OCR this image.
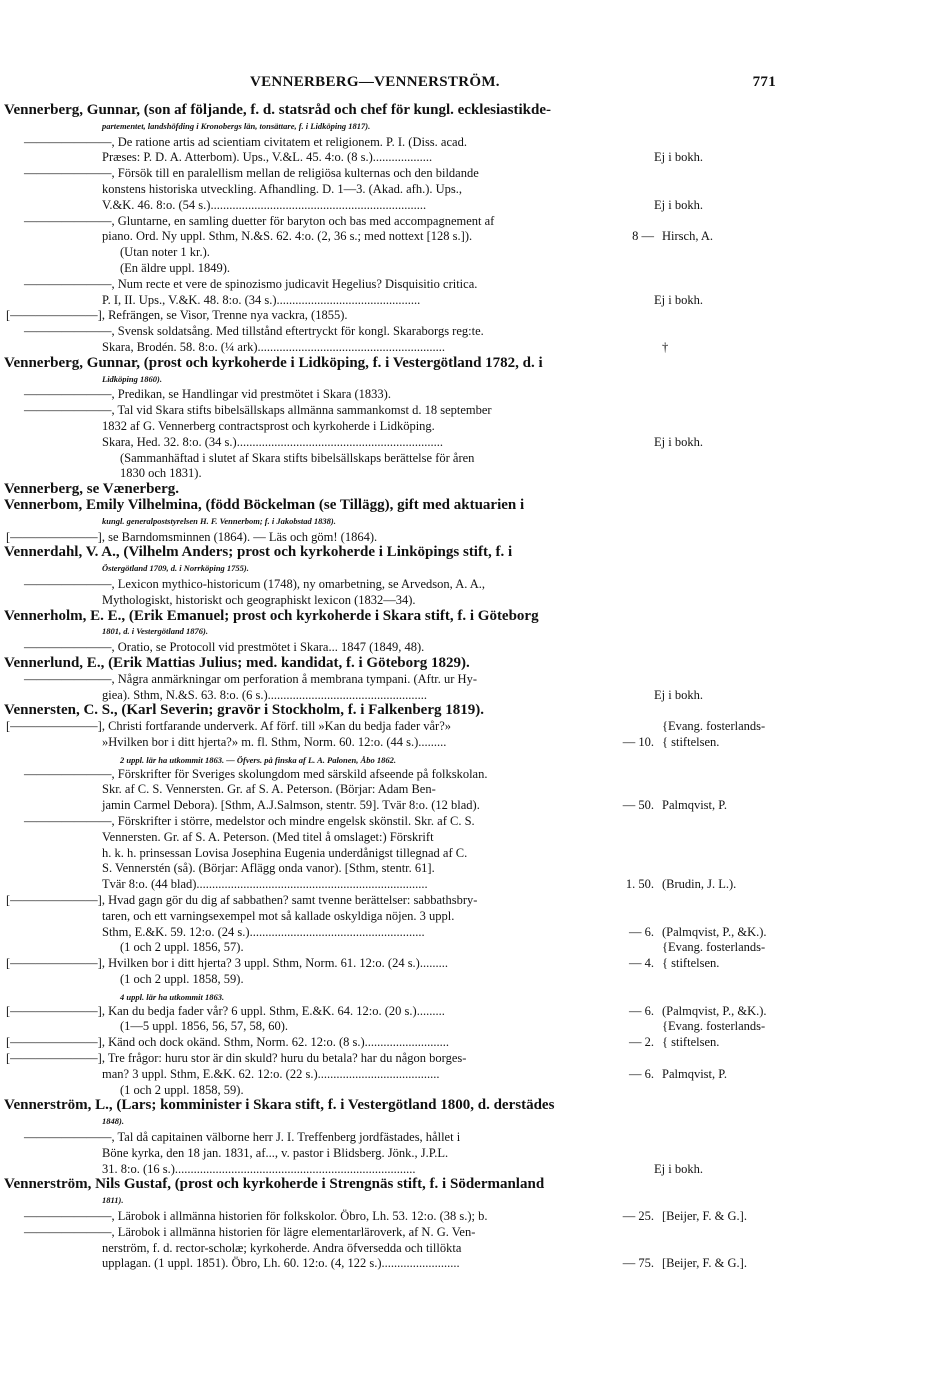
VENNERBERG—VENNERSTRÖM.	771
Vennerberg, Gunnar, (son af följande, f. d. statsråd och chef för kungl. ecklesiastikde-
partementet, landshöfding i Kronobergs län, tonsättare, f. i Lidköping 1817).
———————, De ratione artis ad scientiam civitatem et religionem. P. I. (Diss. acad.
Præses: P. D. A. Atterbom). Ups., V.&L. 45. 4:o. (8 s.)...................	Ej i bokh.
———————, Försök till en paralellism mellan de religiösa kulternas och den bildande
konstens historiska utveckling. Afhandling. D. 1—3. (Akad. afh.). Ups.,
V.&K. 46. 8:o. (54 s.).....................................................................	Ej i bokh.
———————, Gluntarne, en samling duetter för baryton och bas med accompagnement af
piano. Ord. Ny uppl. Sthm, N.&S. 62. 4:o. (2, 36 s.; med nottext [128 s.]).	8 — Hirsch, A.
(Utan noter 1 kr.).
(En äldre uppl. 1849).
———————, Num recte et vere de spinozismo judicavit Hegelius? Disquisitio critica.
P. I, II. Ups., V.&K. 48. 8:o. (34 s.)..............................................	Ej i bokh.
[———————], Refrängen, se Visor, Trenne nya vackra, (1855).
———————, Svensk soldatsång. Med tillstånd eftertryckt för kongl. Skaraborgs reg:te.
Skara, Brodén. 58. 8:o. (¼ ark)............................................................	†
Vennerberg, Gunnar, (prost och kyrkoherde i Lidköping, f. i Vestergötland 1782, d. i
Lidköping 1860).
———————, Predikan, se Handlingar vid prestmötet i Skara (1833).
———————, Tal vid Skara stifts bibelsällskaps allmänna sammankomst d. 18 september
1832 af G. Vennerberg contractsprost och kyrkoherde i Lidköping.
Skara, Hed. 32. 8:o. (34 s.)..................................................................	Ej i bokh.
(Sammanhäftad i slutet af Skara stifts bibelsällskaps berättelse för åren
1830 och 1831).
Vennerberg, se Vænerberg.
Vennerbom, Emily Vilhelmina, (född Böckelman (se Tillägg), gift med aktuarien i
kungl. generalpoststyrelsen H. F. Vennerbom; f. i Jakobstad 1838).
[———————], se Barndomsminnen (1864). — Läs och göm! (1864).
Vennerdahl, V. A., (Vilhelm Anders; prost och kyrkoherde i Linköpings stift, f. i
Östergötland 1709, d. i Norrköping 1755).
———————, Lexicon mythico-historicum (1748), ny omarbetning, se Arvedson, A. A.,
Mythologiskt, historiskt och geographiskt lexicon (1832—34).
Vennerholm, E. E., (Erik Emanuel; prost och kyrkoherde i Skara stift, f. i Göteborg
1801, d. i Vestergötland 1876).
———————, Oratio, se Protocoll vid prestmötet i Skara... 1847 (1849, 48).
Vennerlund, E., (Erik Mattias Julius; med. kandidat, f. i Göteborg 1829).
———————, Några anmärkningar om perforation å membrana tympani. (Aftr. ur Hy-
giea). Sthm, N.&S. 63. 8:o. (6 s.)...................................................	Ej i bokh.
Vennersten, C. S., (Karl Severin; gravör i Stockholm, f. i Falkenberg 1819).
[———————], Christi fortfarande underverk. Af förf. till »Kan du bedja fader vår?»	{Evang. fosterlands-
»Hvilken bor i ditt hjerta?» m. fl. Sthm, Norm. 60. 12:o. (44 s.).........	— 10. { stiftelsen.
2 uppl. lär ha utkommit 1863. — Öfvers. på finska af L. A. Palonen, Åbo 1862.
———————, Förskrifter för Sveriges skolungdom med särskild afseende på folkskolan.
Skr. af C. S. Vennersten. Gr. af S. A. Peterson. (Börjar: Adam Ben-
jamin Carmel Debora). [Sthm, A.J.Salmson, stentr. 59]. Tvär 8:o. (12 blad).	— 50. Palmqvist, P.
———————, Förskrifter i större, medelstor och mindre engelsk skönstil. Skr. af C. S.
Vennersten. Gr. af S. A. Peterson. (Med titel å omslaget:) Förskrift
h. k. h. prinsessan Lovisa Josephina Eugenia underdånigst tillegnad af C.
S. Vennerstén (så). (Börjar: Aflägg onda vanor). [Sthm, stentr. 61].
Tvär 8:o. (44 blad)..........................................................................	1. 50. (Brudin, J. L.).
[———————], Hvad gagn gör du dig af sabbathen? samt tvenne berättelser: sabbathsbry-
taren, och ett varningsexempel mot så kallade oskyldiga nöjen. 3 uppl.
Sthm, E.&K. 59. 12:o. (24 s.)........................................................	— 6. (Palmqvist, P., &K.).
(1 och 2 uppl. 1856, 57).	{Evang. fosterlands-
[———————], Hvilken bor i ditt hjerta? 3 uppl. Sthm, Norm. 61. 12:o. (24 s.).........	— 4. { stiftelsen.
(1 och 2 uppl. 1858, 59).
4 uppl. lär ha utkommit 1863.
[———————], Kan du bedja fader vår? 6 uppl. Sthm, E.&K. 64. 12:o. (20 s.).........	— 6. (Palmqvist, P., &K.).
(1—5 uppl. 1856, 56, 57, 58, 60).	{Evang. fosterlands-
[———————], Känd och dock okänd. Sthm, Norm. 62. 12:o. (8 s.)...........................	— 2. { stiftelsen.
[———————], Tre frågor: huru stor är din skuld? huru du betala? har du någon borges-
man? 3 uppl. Sthm, E.&K. 62. 12:o. (22 s.).......................................	— 6. Palmqvist, P.
(1 och 2 uppl. 1858, 59).
Vennerström, L., (Lars; komminister i Skara stift, f. i Vestergötland 1800, d. derstädes
1848).
———————, Tal då capitainen välborne herr J. I. Treffenberg jordfästades, hållet i
Böne kyrka, den 18 jan. 1831, af..., v. pastor i Blidsberg. Jönk., J.P.L.
31. 8:o. (16 s.).............................................................................	Ej i bokh.
Vennerström, Nils Gustaf, (prost och kyrkoherde i Strengnäs stift, f. i Södermanland
1811).
———————, Lärobok i allmänna historien för folkskolor. Öbro, Lh. 53. 12:o. (38 s.); b.	— 25. [Beijer, F. & G.].
———————, Lärobok i allmänna historien för lägre elementarläroverk, af N. G. Ven-
nerström, f. d. rector-scholæ; kyrkoherde. Andra öfversedda och tillökta
upplagan. (1 uppl. 1851). Öbro, Lh. 60. 12:o. (4, 122 s.).........................	— 75. [Beijer, F. & G.].
